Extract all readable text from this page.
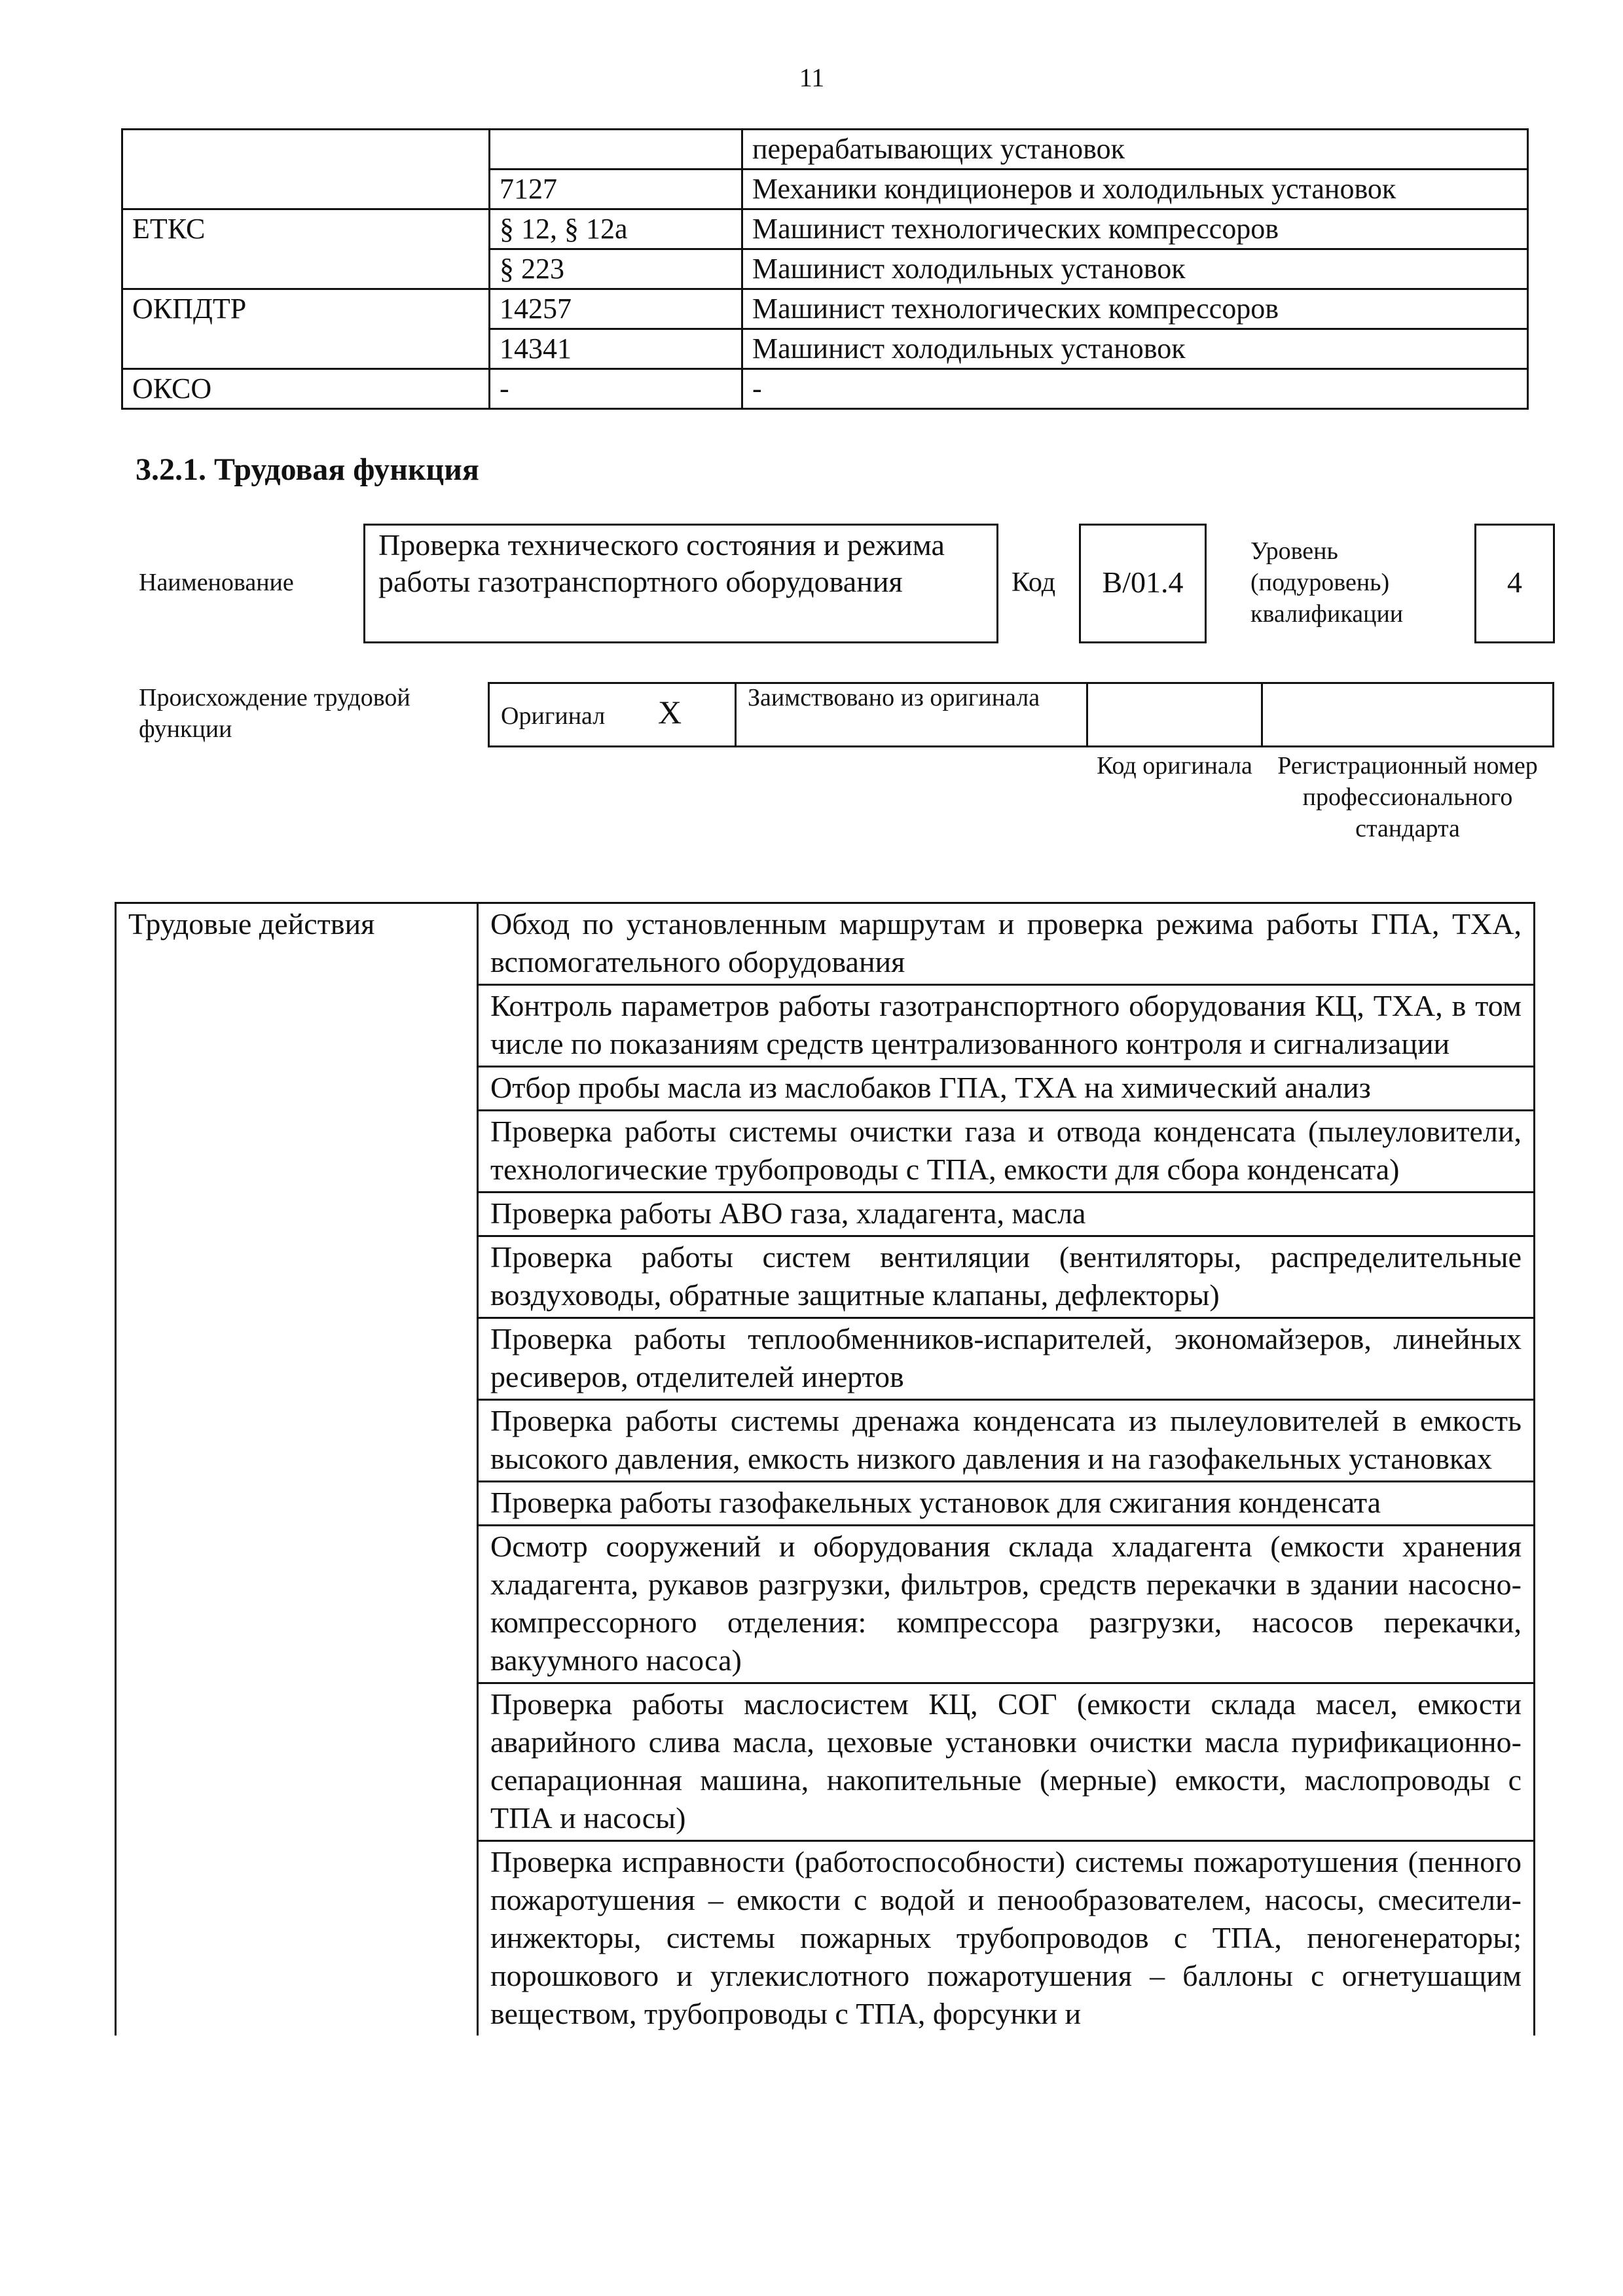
11
		перерабатывающих установок
	7127	Механики кондиционеров и холодильных установок
ЕТКС	§ 12, § 12а	Машинист технологических компрессоров
	§ 223	Машинист холодильных установок
ОКПДТР	14257	Машинист технологических компрессоров
	14341	Машинист холодильных установок
ОКСО	-	-
3.2.1. Трудовая функция
Наименование
Проверка технического состояния и режима работы газотранспортного оборудования	Код	B/01.4
Уровень (подуровень) квалификации
4
Происхождение трудовой функции	Оригинал X	Заимствовано из оригинала
Код оригинала	Регистрационный номер профессионального стандарта
Трудовые действия	Обход по установленным маршрутам и проверка режима работы ГПА, ТХА, вспомогательного оборудования
Контроль параметров работы газотранспортного оборудования КЦ, ТХА, в том числе по показаниям средств централизованного контроля и сигнализации
Отбор пробы масла из маслобаков ГПА, ТХА на химический анализ
Проверка работы системы очистки газа и отвода конденсата (пылеуловители, технологические трубопроводы с ТПА, емкости для сбора конденсата)
Проверка работы АВО газа, хладагента, масла
Проверка работы систем вентиляции (вентиляторы, распределительные воздуховоды, обратные защитные клапаны, дефлекторы)
Проверка работы теплообменников-испарителей, экономайзеров, линейных ресиверов, отделителей инертов
Проверка работы системы дренажа конденсата из пылеуловителей в емкость высокого давления, емкость низкого давления и на газофакельных установках
Проверка работы газофакельных установок для сжигания конденсата
Осмотр сооружений и оборудования склада хладагента (емкости хранения хладагента, рукавов разгрузки, фильтров, средств перекачки в здании насосно-компрессорного отделения: компрессора разгрузки, насосов перекачки, вакуумного насоса)
Проверка работы маслосистем КЦ, СОГ (емкости склада масел, емкости аварийного слива масла, цеховые установки очистки масла пурификационно-сепарационная машина, накопительные (мерные) емкости, маслопроводы с ТПА и насосы)
Проверка исправности (работоспособности) системы пожаротушения (пенного пожаротушения – емкости с водой и пенообразователем, насосы, смесители-инжекторы, системы пожарных трубопроводов с ТПА, пеногенераторы; порошкового и углекислотного пожаротушения – баллоны с огнетушащим веществом, трубопроводы с ТПА, форсунки и
